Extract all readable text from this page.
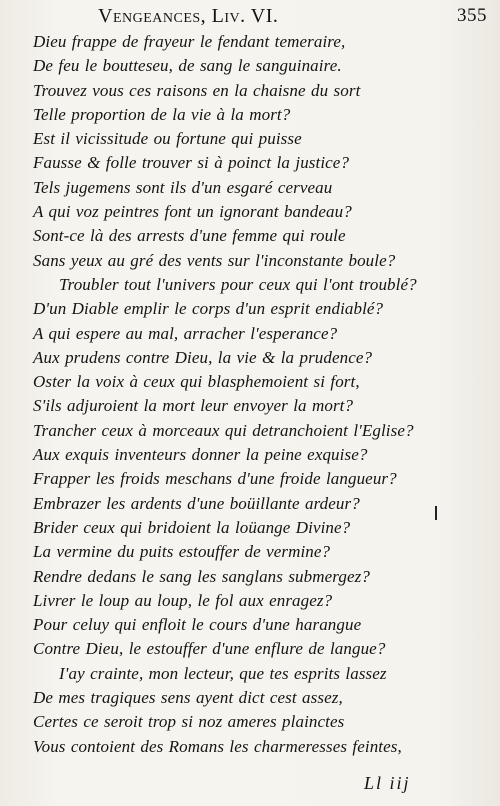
Vengeances, Liv. VI.	355
Dieu frappe de frayeur le fendant temeraire,
De feu le boutteseu, de sang le sanguinaire.
Trouvez vous ces raisons en la chaisne du sort
Telle proportion de la vie à la mort?
Est il vicissitude ou fortune qui puisse
Fausse & folle trouver si à poinct la justice?
Tels jugemens sont ils d'un esgaré cerveau
A qui voz peintres font un ignorant bandeau?
Sont-ce là des arrests d'une femme qui roule
Sans yeux au gré des vents sur l'inconstante boule?
Troubler tout l'univers pour ceux qui l'ont troublé?
D'un Diable emplir le corps d'un esprit endiablé?
A qui espere au mal, arracher l'esperance?
Aux prudens contre Dieu, la vie & la prudence?
Oster la voix à ceux qui blasphemoient si fort,
S'ils adjuroient la mort leur envoyer la mort?
Trancher ceux à morceaux qui detranchoient l'Eglise?
Aux exquis inventeurs donner la peine exquise?
Frapper les froids meschans d'une froide langueur?
Embrazer les ardents d'une boüillante ardeur?
Brider ceux qui bridoient la loüange Divine?
La vermine du puits estouffer de vermine?
Rendre dedans le sang les sanglans submergez?
Livrer le loup au loup, le fol aux enragez?
Pour celuy qui enfloit le cours d'une harangue
Contre Dieu, le estouffer d'une enflure de langue?
I'ay crainte, mon lecteur, que tes esprits lassez
De mes tragiques sens ayent dict cest assez,
Certes ce seroit trop si noz ameres plainctes
Vous contoient des Romans les charmeresses feintes,
Ll iij
